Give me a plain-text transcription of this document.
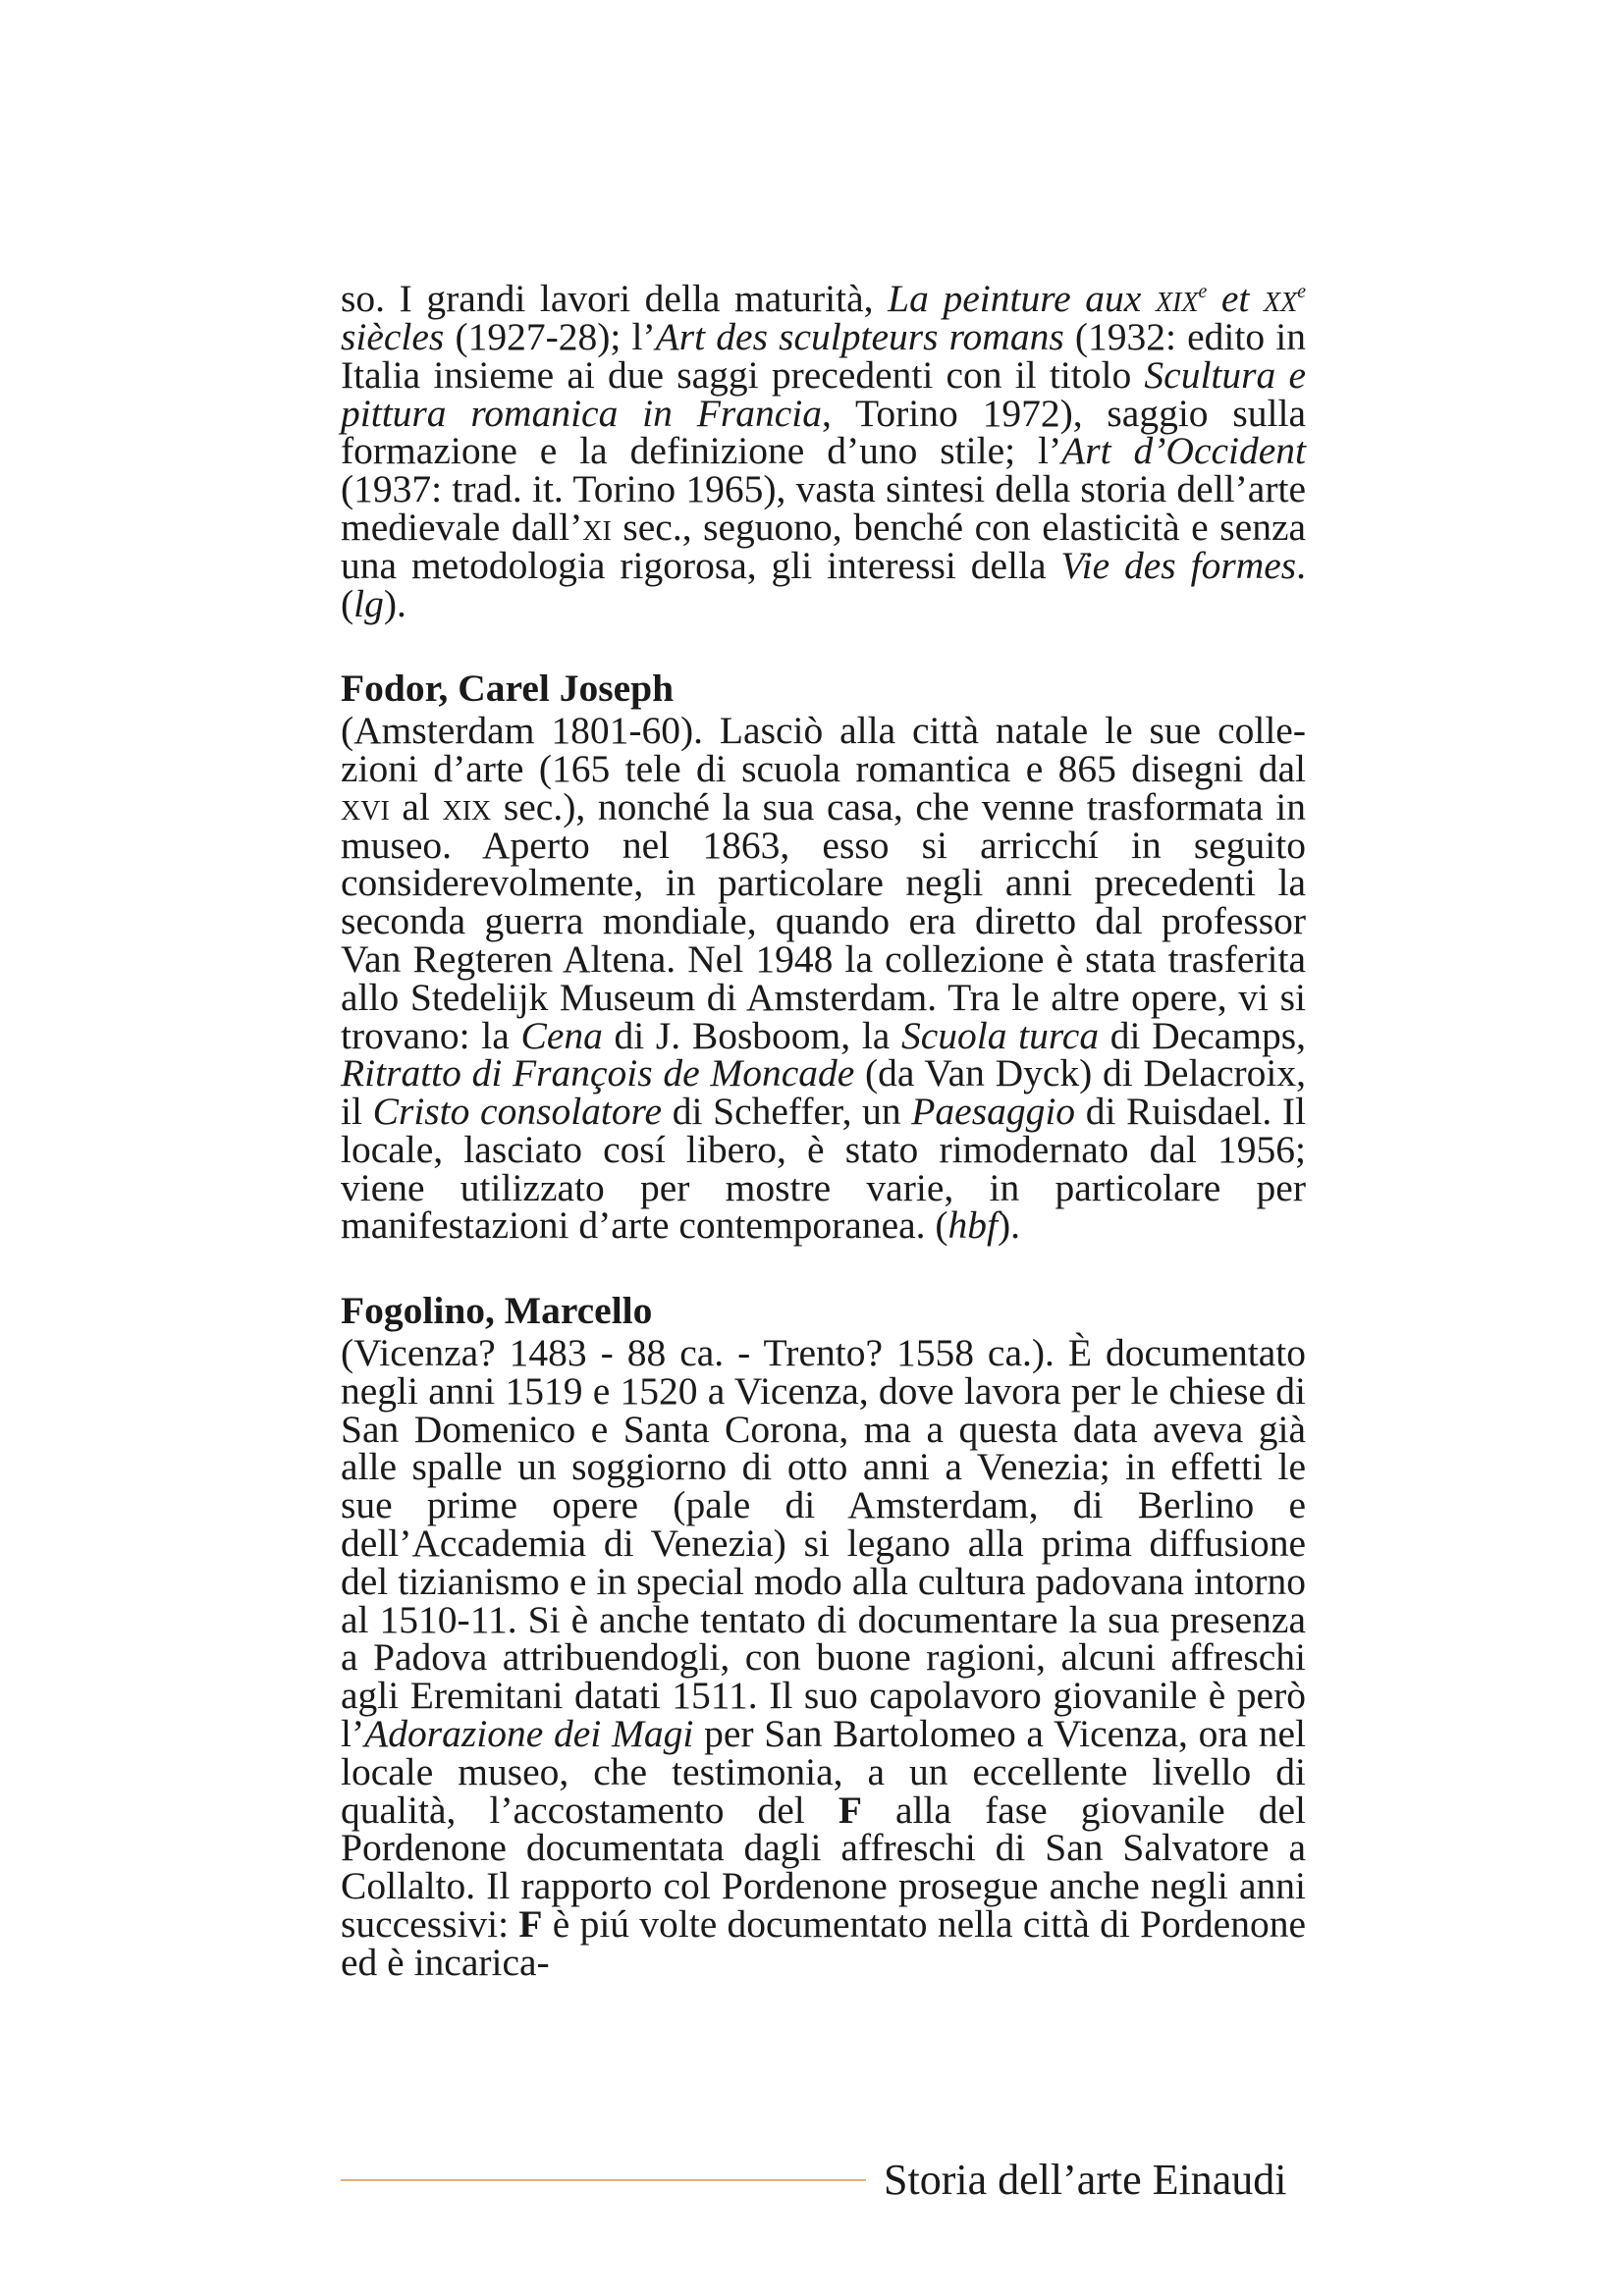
so. I grandi lavori della maturità, La peinture aux xix$^e$ et $xx^e$ siècles (1927-28); l’Art des sculpteurs romans (1932: edito in Italia insieme ai due saggi precedenti con il titolo Scultura e pittura romanica in Francia, Torino 1972), saggio sulla formazione e la definizione d’uno stile; l’Art d’Occident (1937: trad. it. Torino 1965), vasta sintesi della storia dell’arte medievale dall’xi sec., seguono, benché con elasticità e senza una metodologia rigorosa, gli interessi della Vie des formes. (lg).

Fodor, Carel Joseph

(Amsterdam 1801-60). Lasciò alla città natale le sue collezioni d’arte (165 tele di scuola romantica e 865 disegni dal xvi al xix sec.), nonché la sua casa, che venne trasformata in museo. Aperto nel 1863, esso si arricchí in seguito considerevolmente, in particolare negli anni precedenti la seconda guerra mondiale, quando era diretto dal professor Van Regteren Altena. Nel 1948 la collezione è stata trasferita allo Stedelijk Museum di Amsterdam. Tra le altre opere, vi si trovano: la Cena di J. Bosboom, la Scuola turca di Decamps, Ritratto di François de Moncade (da Van Dyck) di Delacroix, il Cristo consolatore di Scheffer, un Paesaggio di Ruisdael. Il locale, lasciato cosí libero, è stato rimodernato dal 1956; viene utilizzato per mostre varie, in particolare per manifestazioni d’arte contemporanea. (hbf).

Fogolino, Marcello

(Vicenza? 1483 - 88 ca. - Trento? 1558 ca.). È documentato negli anni 1519 e 1520 a Vicenza, dove lavora per le chiese di San Domenico e Santa Corona, ma a questa data aveva già alle spalle un soggiorno di otto anni a Venezia; in effetti le sue prime opere (pale di Amsterdam, di Berlino e dell’Accademia di Venezia) si legano alla prima diffusione del tizianismo e in special modo alla cultura padovana intorno al 1510-11. Si è anche tentato di documentare la sua presenza a Padova attribuendogli, con buone ragioni, alcuni affreschi agli Eremitani datati 1511. Il suo capolavoro giovanile è però l’Adorazione dei Magi per San Bartolomeo a Vicenza, ora nel locale museo, che testimonia, a un eccellente livello di qualità, l’accostamento del F alla fase giovanile del Pordenone documentata dagli affreschi di San Salvatore a Collalto. Il rapporto col Pordenone prosegue anche negli anni successivi: F è piú volte documentato nella città di Pordenone ed è incarica-

Storia dell’arte Einaudi
